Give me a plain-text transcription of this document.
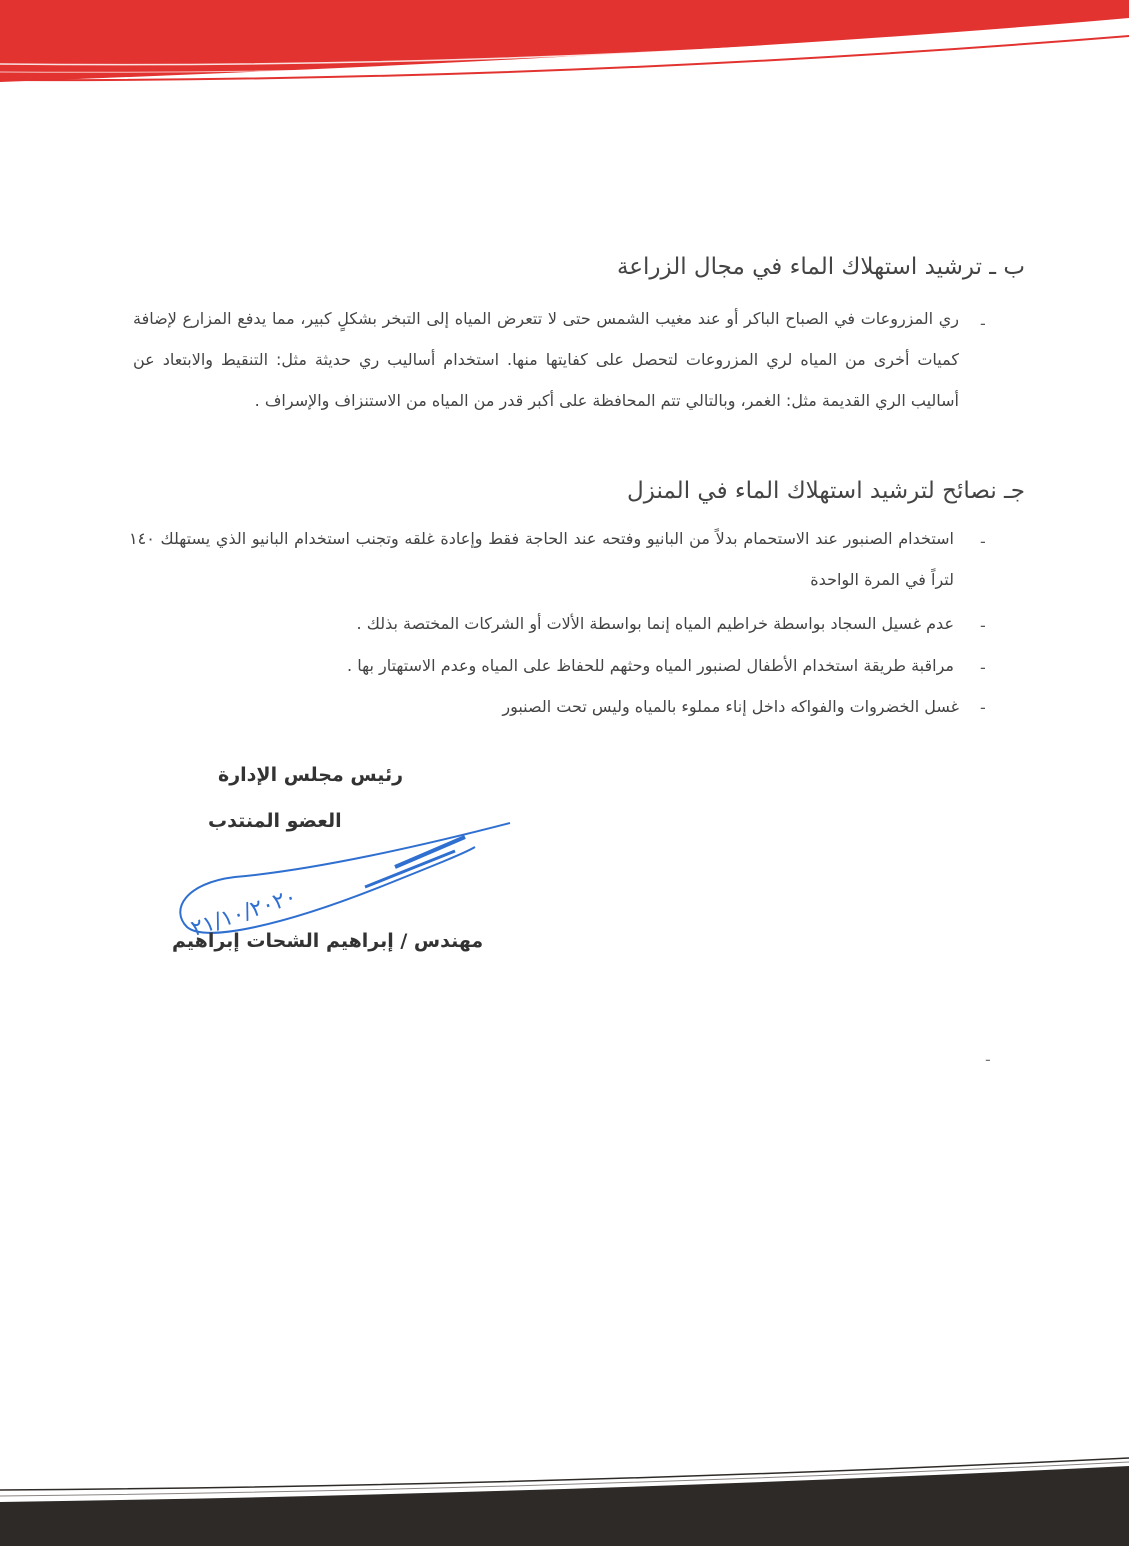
ب ـ ترشيد استهلاك الماء في مجال الزراعة
-
ري المزروعات في الصباح الباكر أو عند مغيب الشمس حتى لا تتعرض المياه إلى التبخر بشكلٍ كبير، مما يدفع المزارع لإضافة كميات أخرى من المياه لري المزروعات لتحصل على كفايتها منها. استخدام أساليب ري حديثة مثل: التنقيط والابتعاد عن أساليب الري القديمة مثل: الغمر، وبالتالي تتم المحافظة على أكبر قدر من المياه من الاستنزاف والإسراف .
جـ نصائح لترشيد استهلاك الماء في المنزل
-
استخدام الصنبور عند الاستحمام بدلاً من البانيو وفتحه عند الحاجة فقط وإعادة غلقه وتجنب استخدام البانيو الذي يستهلك ١٤٠ لتراً في المرة الواحدة
-
عدم غسيل السجاد بواسطة خراطيم المياه إنما بواسطة الألات أو الشركات المختصة بذلك .
-
مراقبة طريقة استخدام الأطفال لصنبور المياه وحثهم للحفاظ على المياه وعدم الاستهتار بها .
-
غسل الخضروات والفواكه داخل إناء مملوء بالمياه وليس تحت الصنبور
رئيس مجلس الإدارة
العضو المنتدب
٢١/١٠/٢٠٢٠
مهندس / إبراهيم الشحات إبراهيم
-
